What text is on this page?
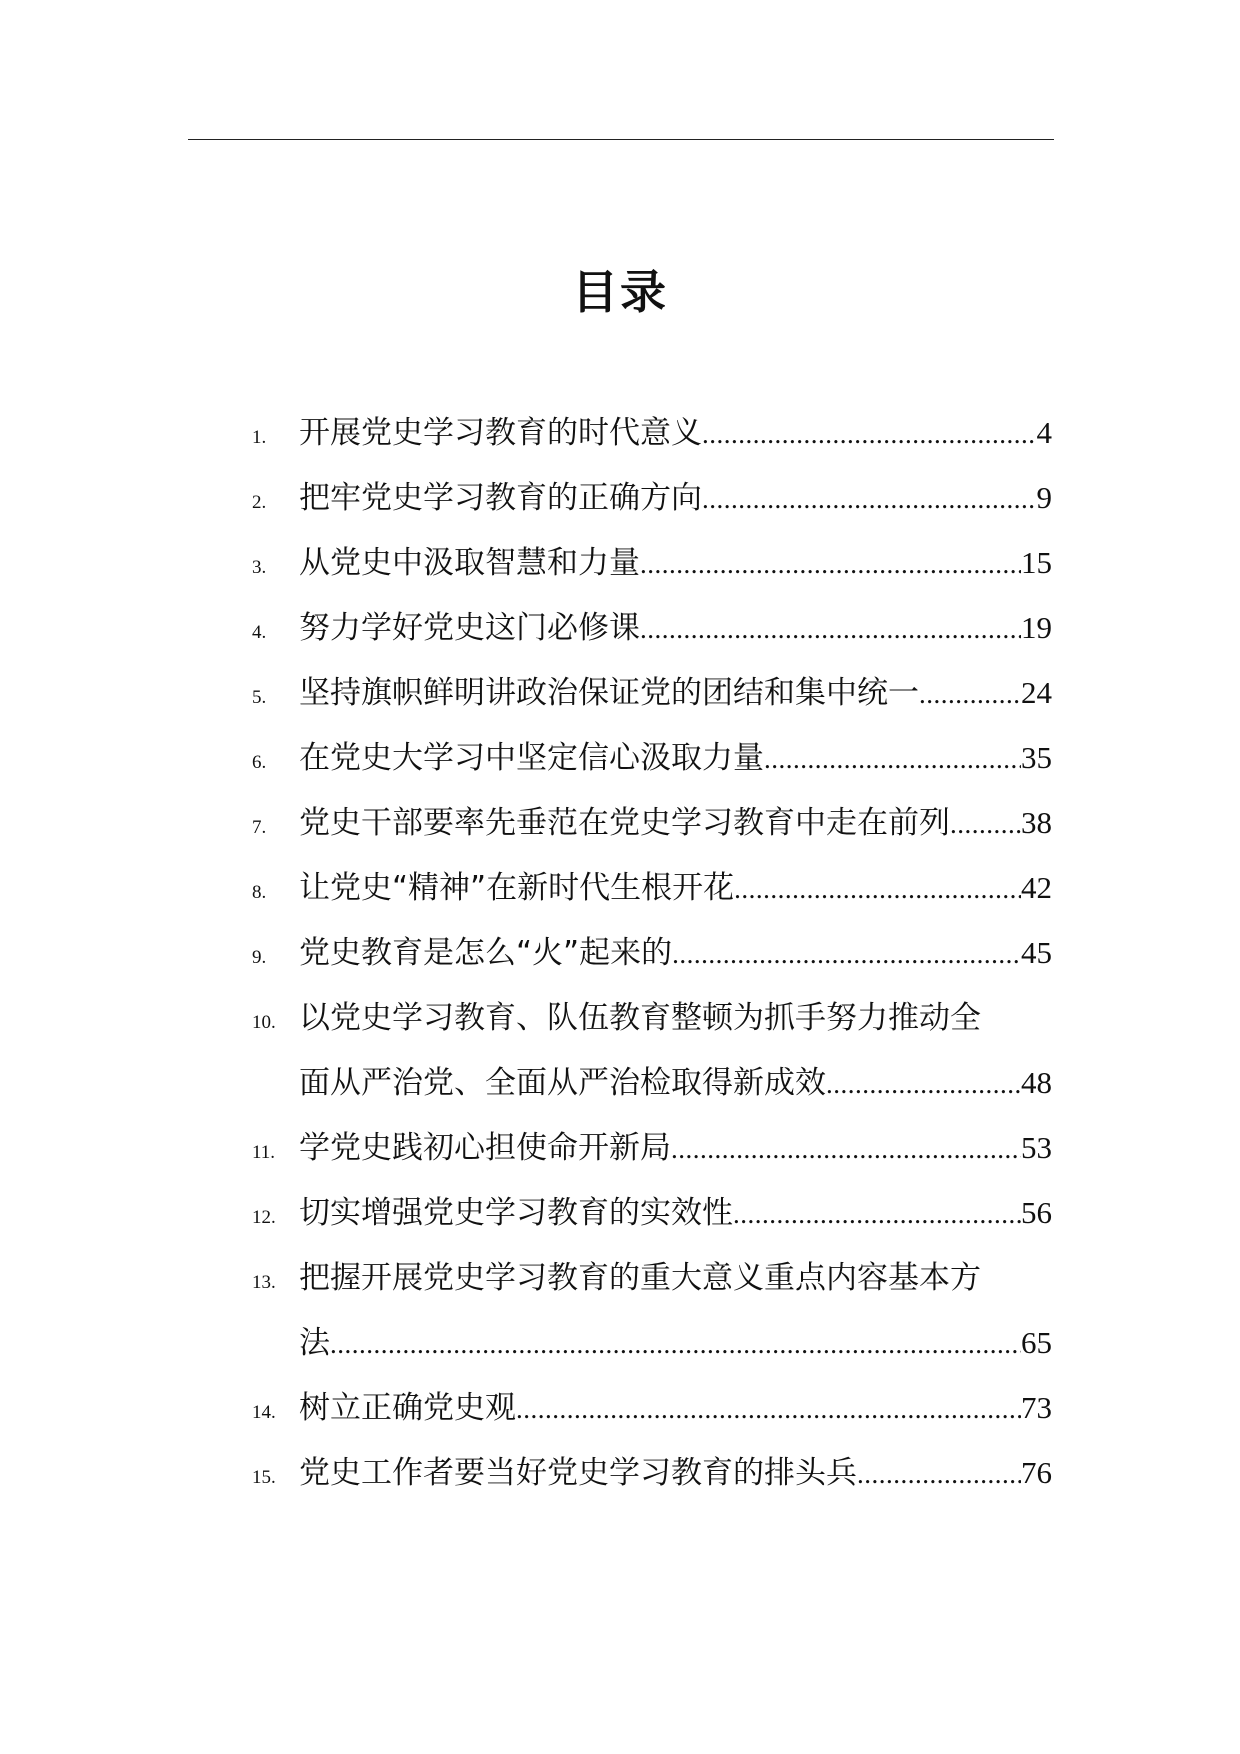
目录
1.	开展党史学习教育的时代意义 .....	4
2.	把牢党史学习教育的正确方向 .....	9
3.	从党史中汲取智慧和力量 .....	15
4.	努力学好党史这门必修课 .....	19
5.	坚持旗帜鲜明讲政治保证党的团结和集中统一 .....	24
6.	在党史大学习中坚定信心汲取力量 .....	35
7.	党史干部要率先垂范在党史学习教育中走在前列 ..... 38
8.	让党史“精神”在新时代生根开花 .....	42
9.	党史教育是怎么“火”起来的 .....	45
10. 以党史学习教育、队伍教育整顿为抓手努力推动全
面从严治党、全面从严治检取得新成效 .....	48
11. 学党史践初心担使命开新局 .....	53
12. 切实增强党史学习教育的实效性 .....	56
13. 把握开展党史学习教育的重大意义重点内容基本方
法 .....	65
14. 树立正确党史观 .....	73
15. 党史工作者要当好党史学习教育的排头兵 .....	76
